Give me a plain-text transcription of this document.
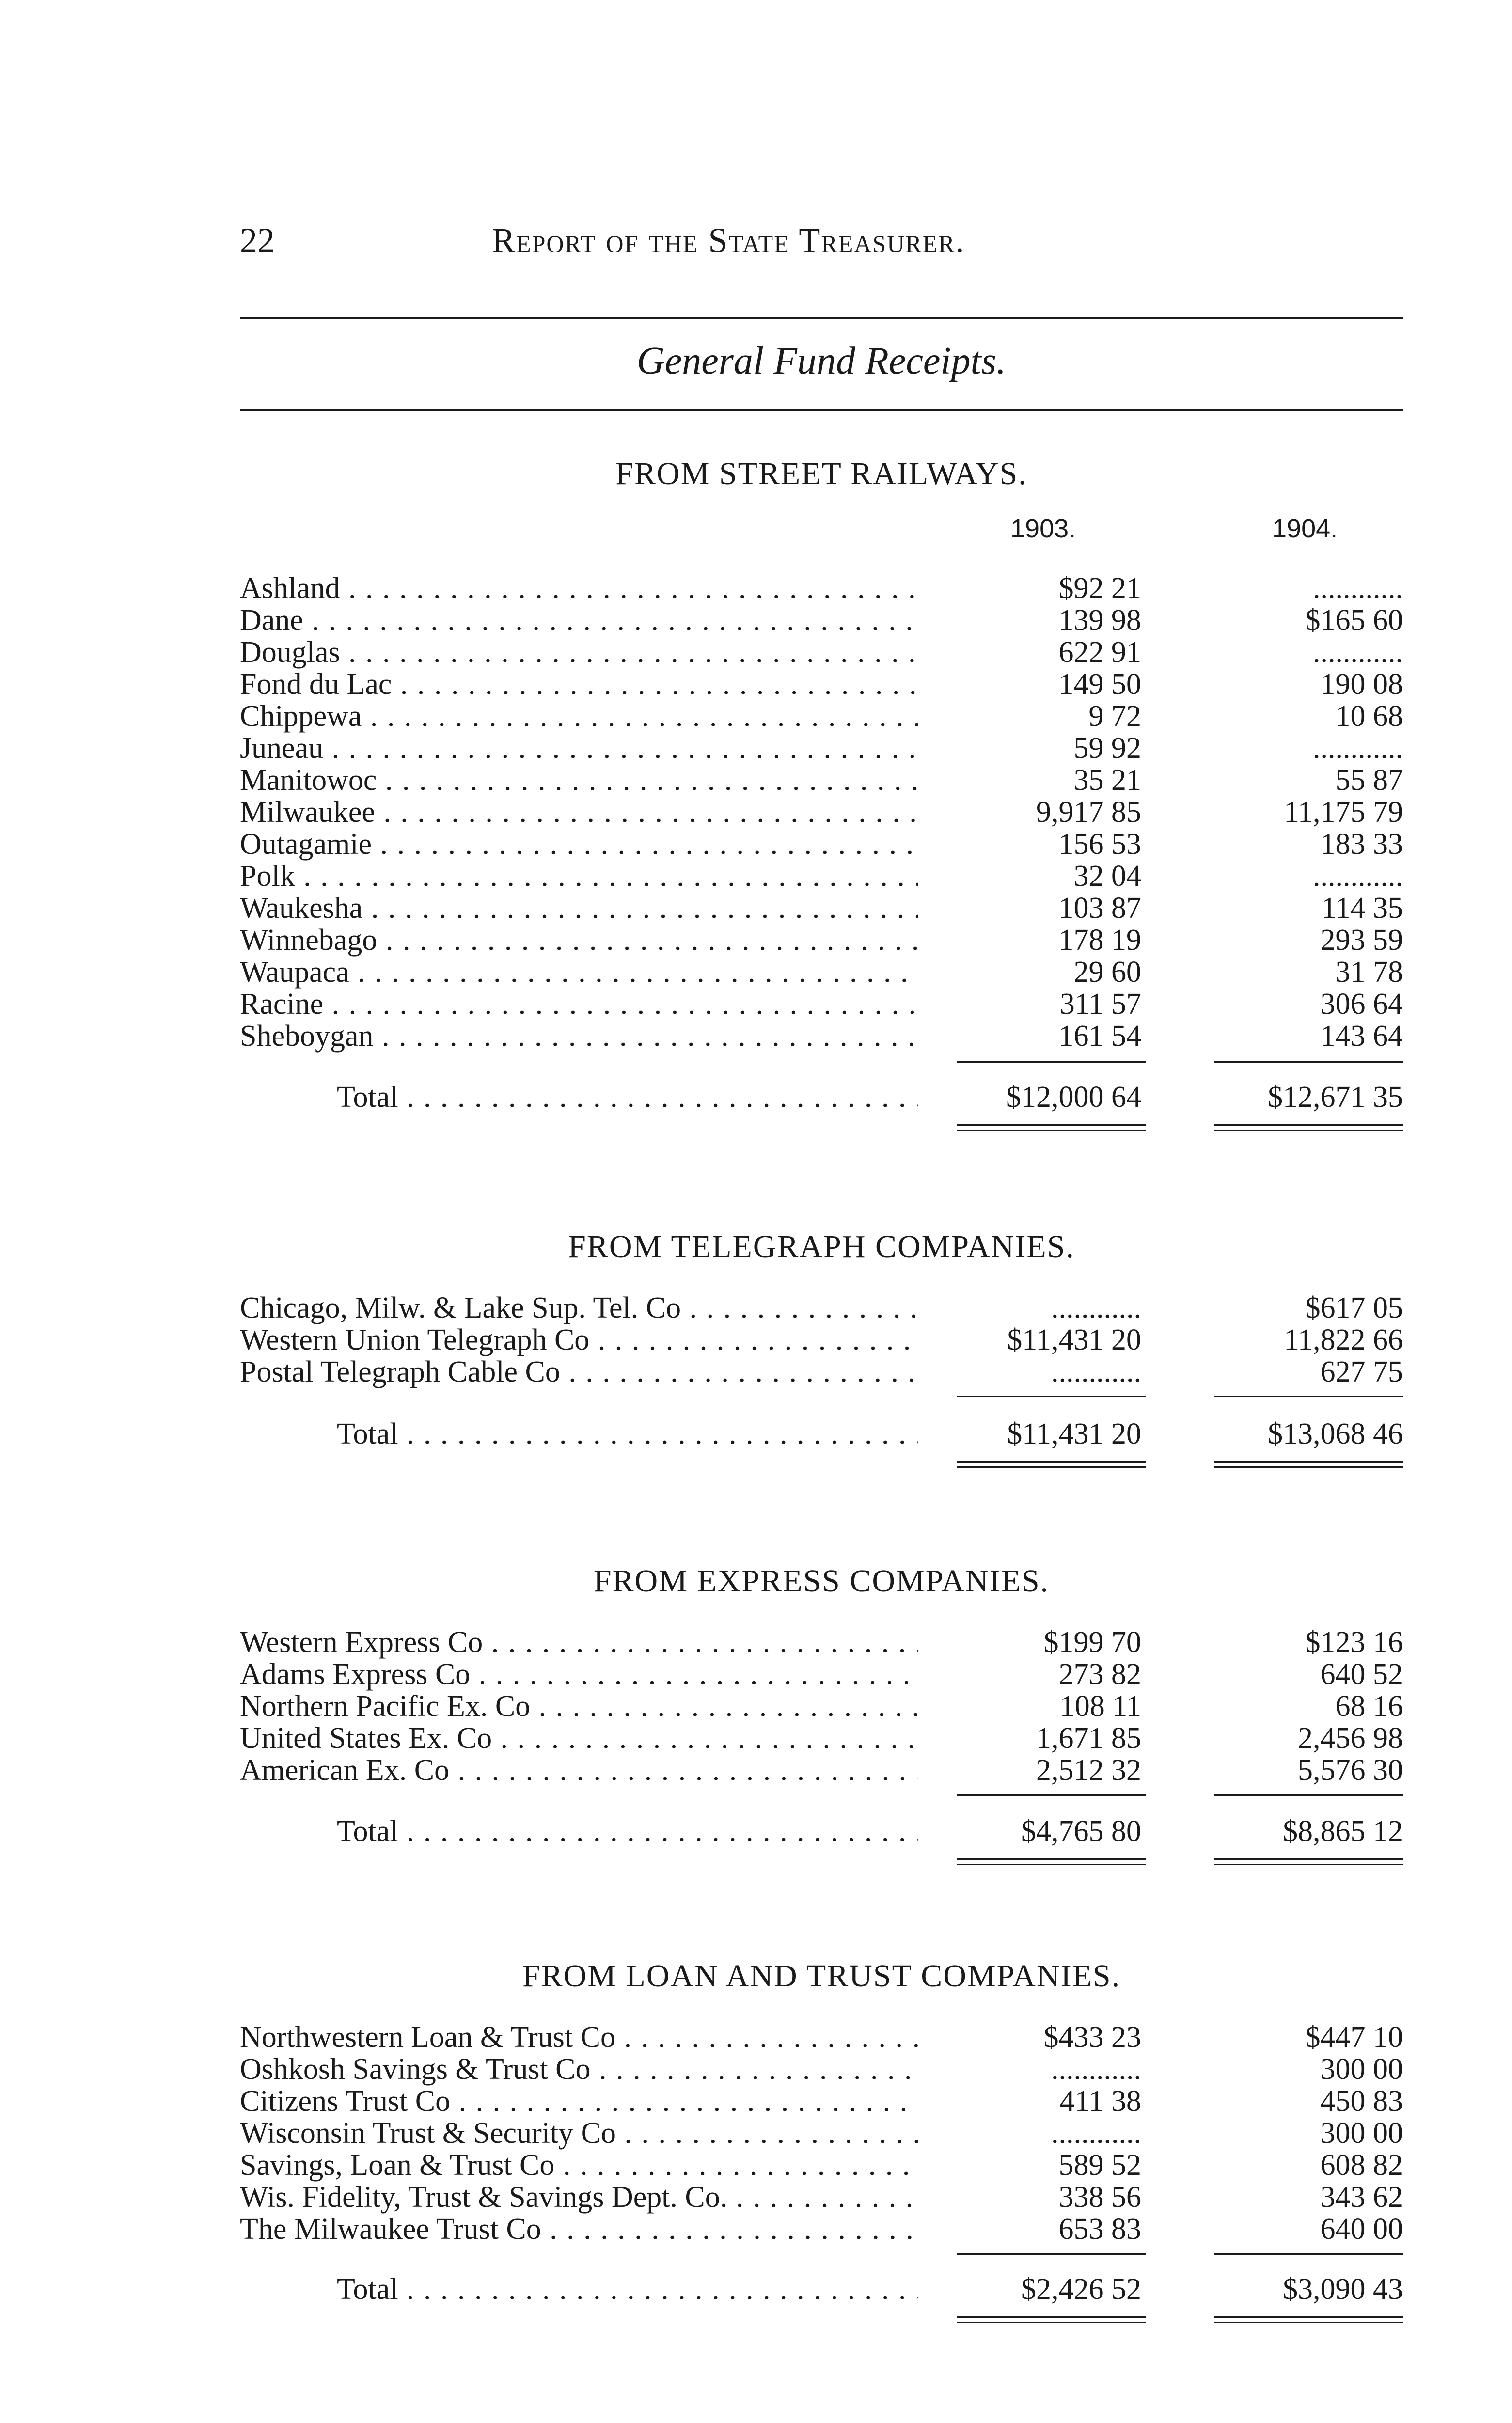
22	Report of the State Treasurer.
General Fund Receipts.
FROM STREET RAILWAYS.
1903.	1904.
Ashland . . .	$92 21	............
Dane . . .	139 98	$165 60
Douglas . . .	622 91	............
Fond du Lac . . .	149 50	190 08
Chippewa . . .	9 72	10 68
Juneau . . .	59 92	............
Manitowoc . . .	35 21	55 87
Milwaukee . . .	9,917 85	11,175 79
Outagamie . . .	156 53	183 33
Polk . . .	32 04	............
Waukesha . . .	103 87	114 35
Winnebago . . .	178 19	293 59
Waupaca . . .	29 60	31 78
Racine . . .	311 57	306 64
Sheboygan . . .	161 54	143 64
Total . . .	$12,000 64	$12,671 35
FROM TELEGRAPH COMPANIES.
Chicago, Milw. & Lake Sup. Tel. Co . . .	............	$617 05
Western Union Telegraph Co . . .	$11,431 20	11,822 66
Postal Telegraph Cable Co . . .	............	627 75
Total . . .	$11,431 20	$13,068 46
FROM EXPRESS COMPANIES.
Western Express Co . . .	$199 70	$123 16
Adams Express Co . . .	273 82	640 52
Northern Pacific Ex. Co . . .	108 11	68 16
United States Ex. Co . . .	1,671 85	2,456 98
American Ex. Co . . .	2,512 32	5,576 30
Total . . .	$4,765 80	$8,865 12
FROM LOAN AND TRUST COMPANIES.
Northwestern Loan & Trust Co . . .	$433 23	$447 10
Oshkosh Savings & Trust Co . . .	............	300 00
Citizens Trust Co . . .	411 38	450 83
Wisconsin Trust & Security Co . . .	............	300 00
Savings, Loan & Trust Co . . .	589 52	608 82
Wis. Fidelity, Trust & Savings Dept. Co. . . .	338 56	343 62
The Milwaukee Trust Co . . .	653 83	640 00
Total . . .	$2,426 52	$3,090 43
